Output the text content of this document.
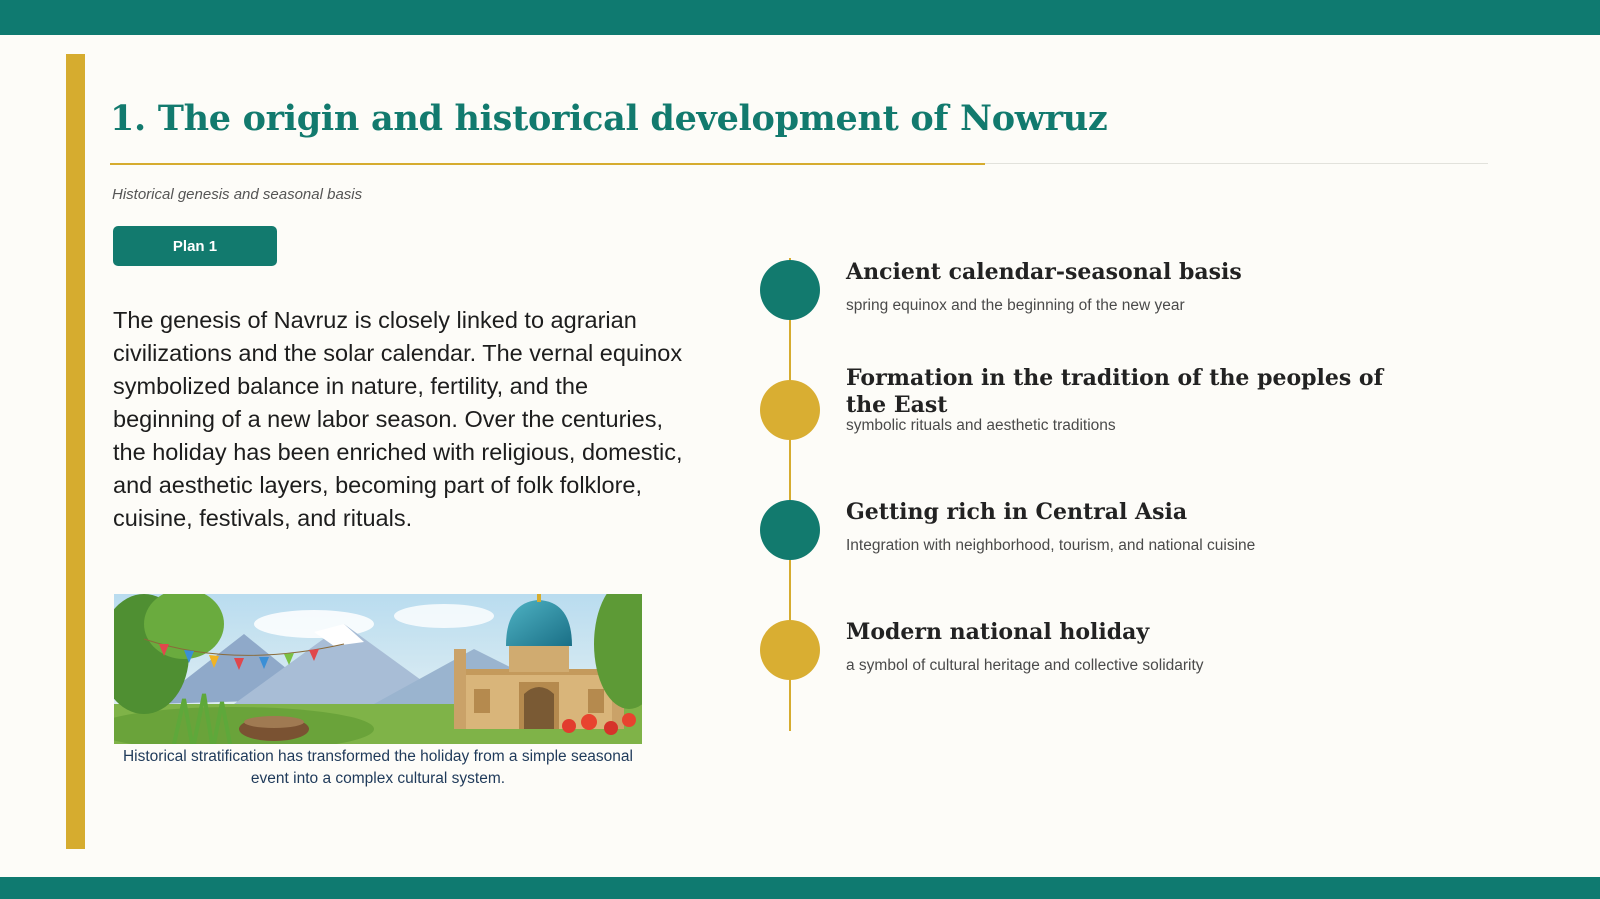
1. The origin and historical development of Nowruz
Historical genesis and seasonal basis
Plan 1

The genesis of Navruz is closely linked to agrarian civilizations and the solar calendar. The vernal equinox symbolized balance in nature, fertility, and the beginning of a new labor season. Over the centuries, the holiday has been enriched with religious, domestic, and aesthetic layers, becoming part of folk folklore, cuisine, festivals, and rituals.

Historical stratification has transformed the holiday from a simple seasonal event into a complex cultural system.
Ancient calendar-seasonal basis
spring equinox and the beginning of the new year
Formation in the tradition of the peoples of the East
symbolic rituals and aesthetic traditions
Getting rich in Central Asia
Integration with neighborhood, tourism, and national cuisine
Modern national holiday
a symbol of cultural heritage and collective solidarity
